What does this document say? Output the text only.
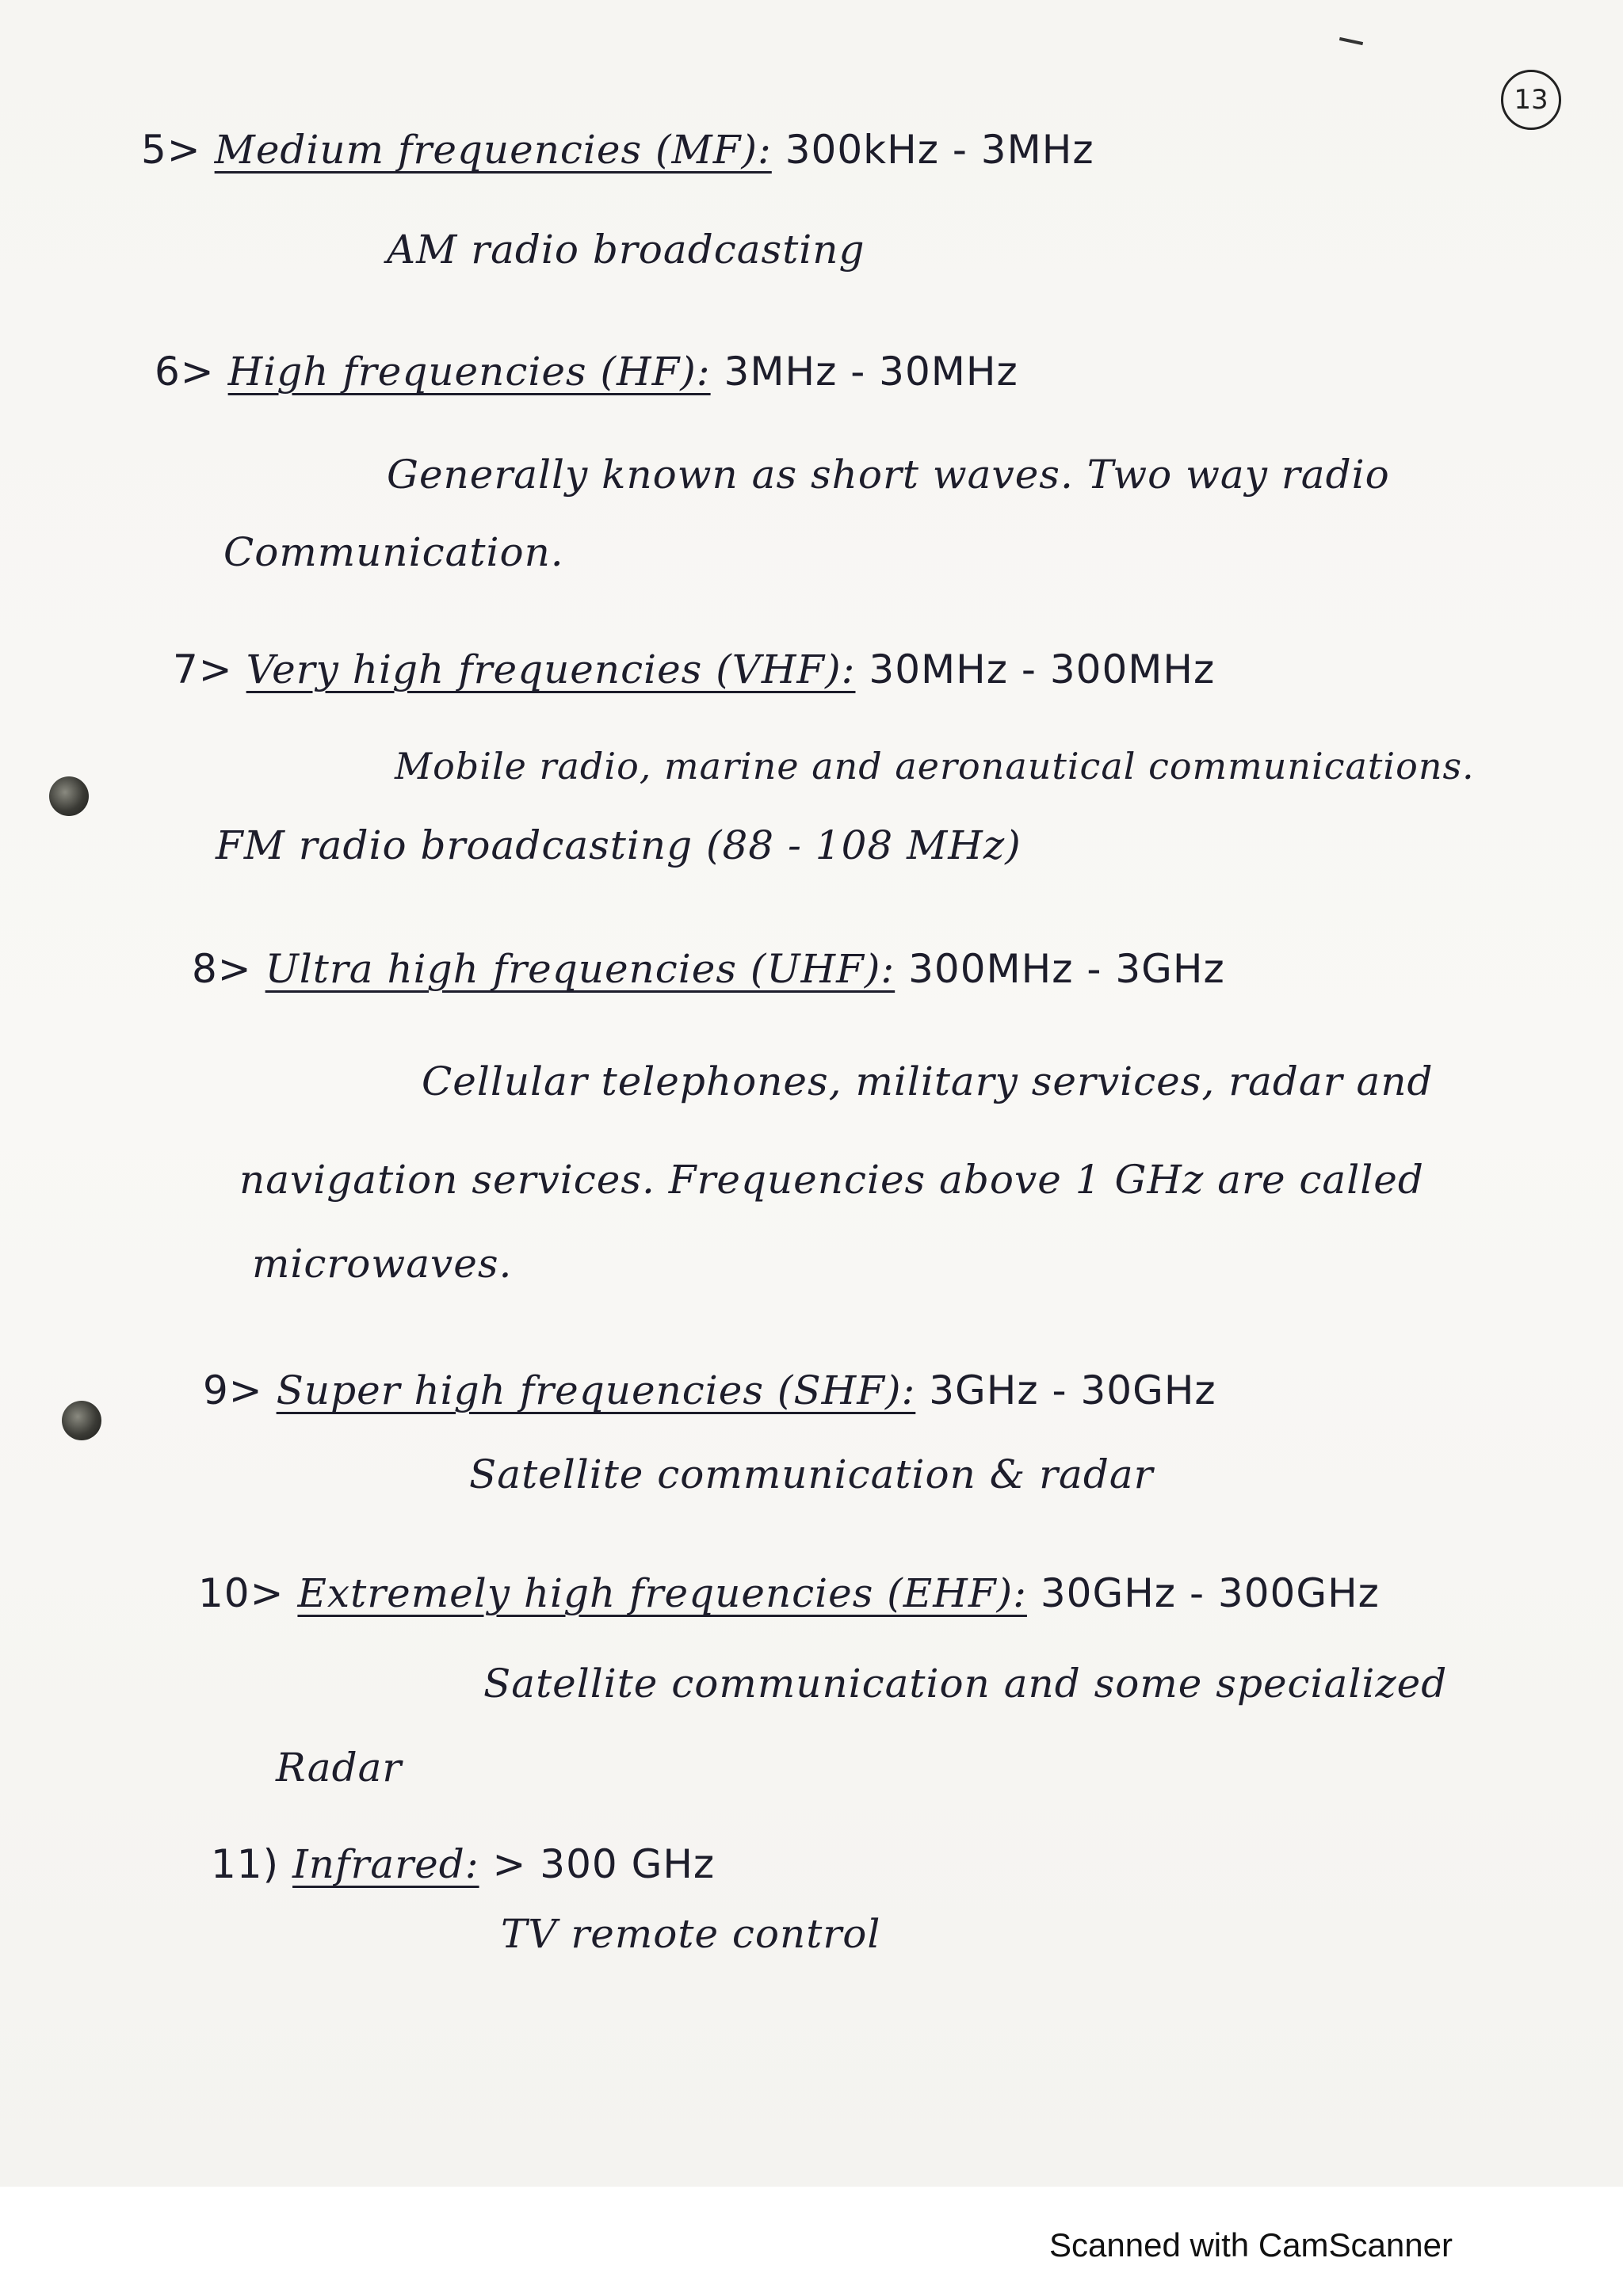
13
5> Medium frequencies (MF): 300kHz - 3MHz
AM radio broadcasting
6> High frequencies (HF): 3MHz - 30MHz
Generally known as short waves. Two way radio
Communication.
7> Very high frequencies (VHF): 30MHz - 300MHz
Mobile radio, marine and aeronautical communications.
FM radio broadcasting (88 - 108 MHz)
8> Ultra high frequencies (UHF): 300MHz - 3GHz
Cellular telephones, military services, radar and
navigation services. Frequencies above 1 GHz are called
microwaves.
9> Super high frequencies (SHF): 3GHz - 30GHz
Satellite communication & radar
10> Extremely high frequencies (EHF): 30GHz - 300GHz
Satellite communication and some specialized
Radar
11) Infrared: > 300 GHz
TV remote control
Scanned with CamScanner
